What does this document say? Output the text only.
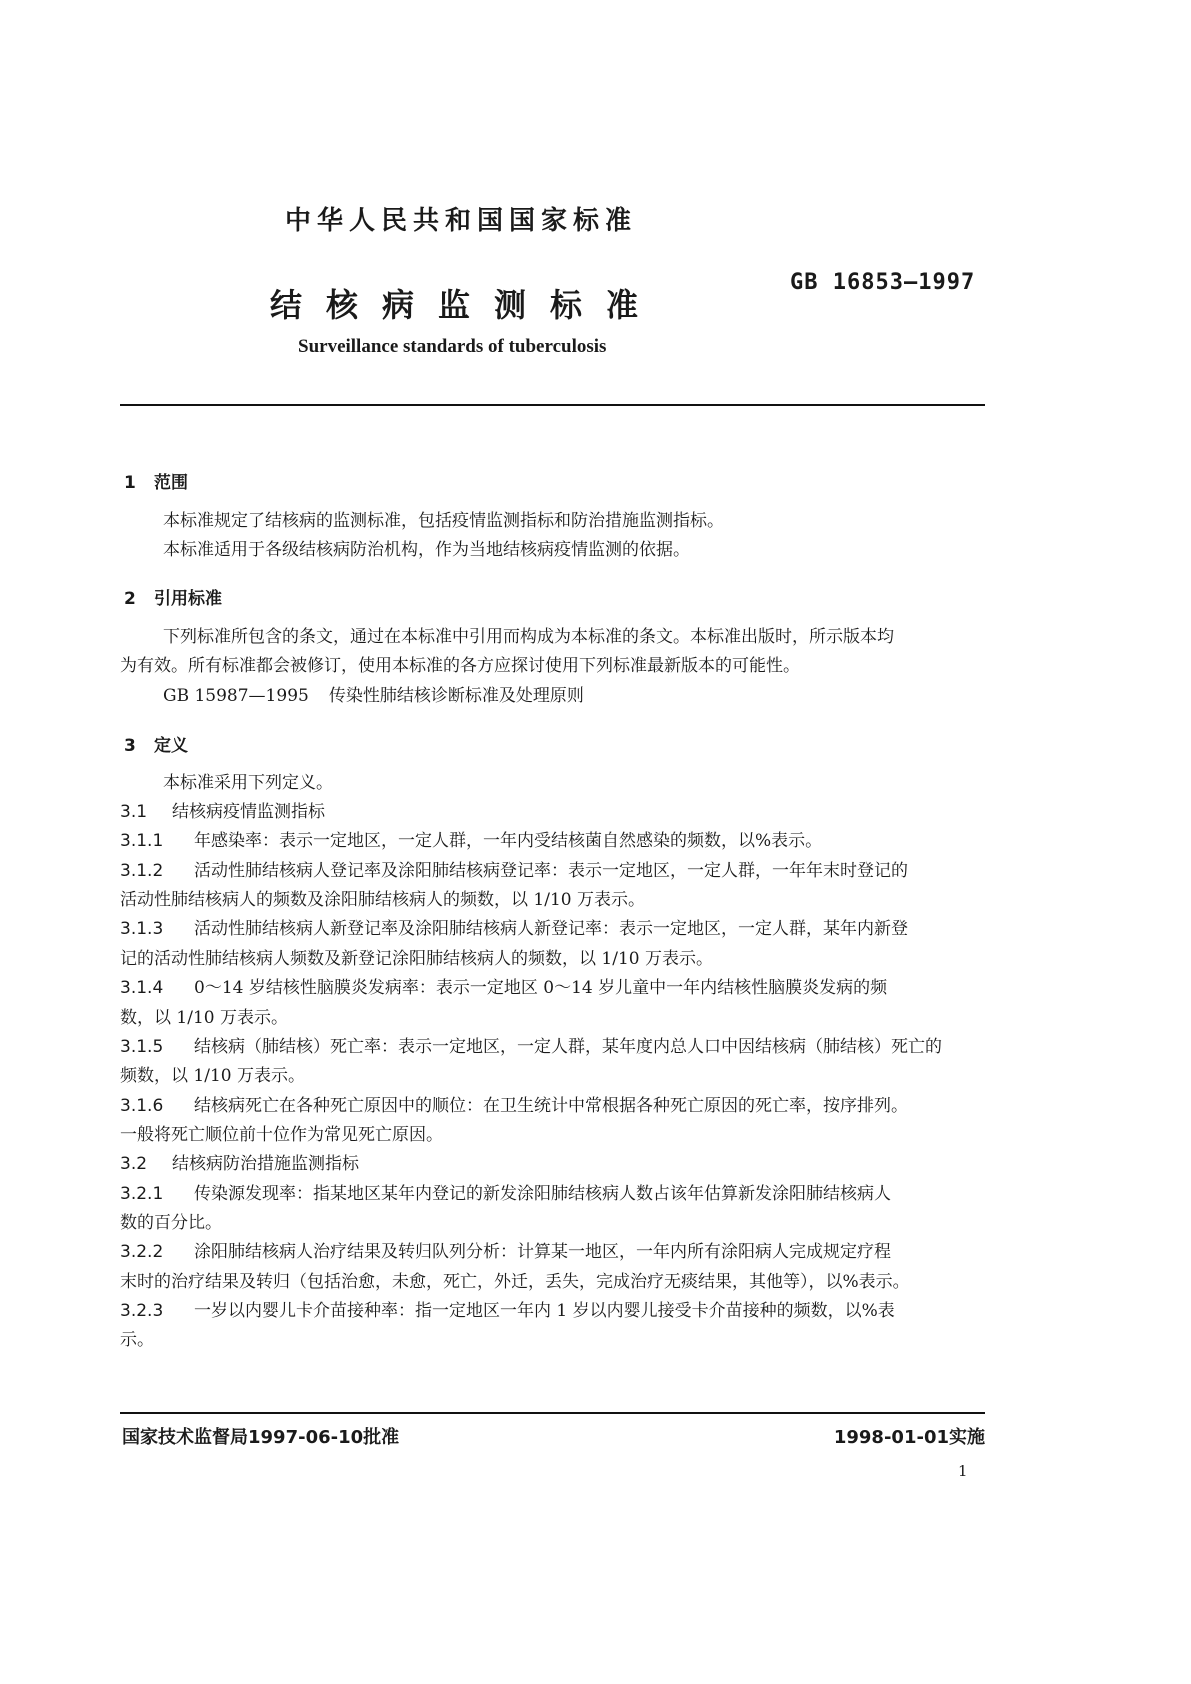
中华人民共和国国家标准
结核病监测标准
GB 16853—1997
Surveillance standards of tuberculosis
1 范围
本标准规定了结核病的监测标准，包括疫情监测指标和防治措施监测指标。
本标准适用于各级结核病防治机构，作为当地结核病疫情监测的依据。
2 引用标准
下列标准所包含的条文，通过在本标准中引用而构成为本标准的条文。本标准出版时，所示版本均
为有效。所有标准都会被修订，使用本标准的各方应探讨使用下列标准最新版本的可能性。
GB 15987—1995 传染性肺结核诊断标准及处理原则
3 定义
本标准采用下列定义。
3.1 结核病疫情监测指标
3.1.1 年感染率：表示一定地区，一定人群，一年内受结核菌自然感染的频数，以%表示。
3.1.2 活动性肺结核病人登记率及涂阳肺结核病登记率：表示一定地区，一定人群，一年年末时登记的
活动性肺结核病人的频数及涂阳肺结核病人的频数，以 1/10 万表示。
3.1.3 活动性肺结核病人新登记率及涂阳肺结核病人新登记率：表示一定地区，一定人群，某年内新登
记的活动性肺结核病人频数及新登记涂阳肺结核病人的频数，以 1/10 万表示。
3.1.4 0～14 岁结核性脑膜炎发病率：表示一定地区 0～14 岁儿童中一年内结核性脑膜炎发病的频
数，以 1/10 万表示。
3.1.5 结核病（肺结核）死亡率：表示一定地区，一定人群，某年度内总人口中因结核病（肺结核）死亡的
频数，以 1/10 万表示。
3.1.6 结核病死亡在各种死亡原因中的顺位：在卫生统计中常根据各种死亡原因的死亡率，按序排列。
一般将死亡顺位前十位作为常见死亡原因。
3.2 结核病防治措施监测指标
3.2.1 传染源发现率：指某地区某年内登记的新发涂阳肺结核病人数占该年估算新发涂阳肺结核病人
数的百分比。
3.2.2 涂阳肺结核病人治疗结果及转归队列分析：计算某一地区，一年内所有涂阳病人完成规定疗程
末时的治疗结果及转归（包括治愈，未愈，死亡，外迁，丢失，完成治疗无痰结果，其他等），以%表示。
3.2.3 一岁以内婴儿卡介苗接种率：指一定地区一年内 1 岁以内婴儿接受卡介苗接种的频数，以%表
示。
国家技术监督局1997-06-10批准	1998-01-01实施
1
